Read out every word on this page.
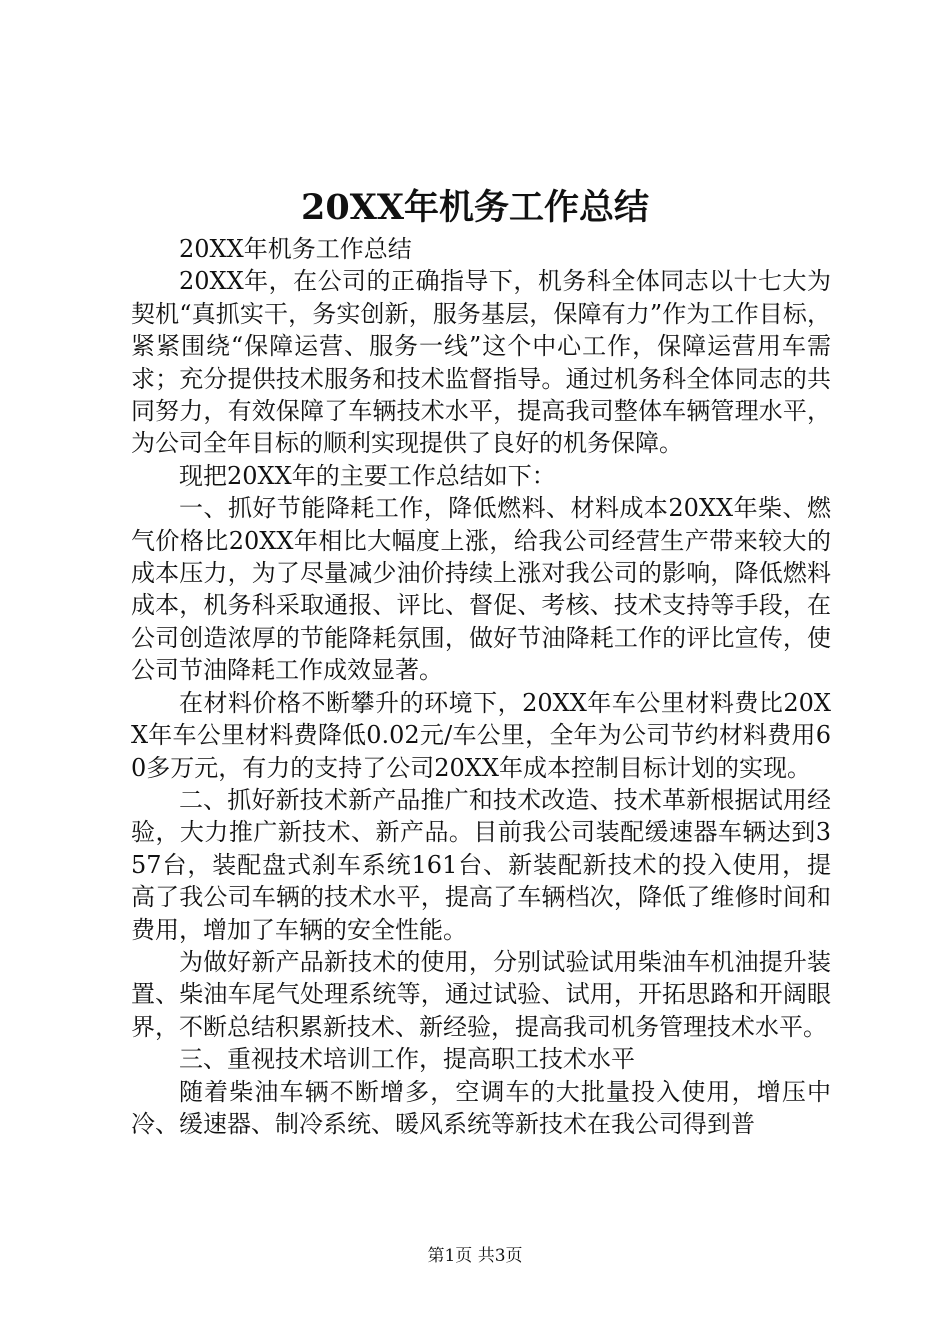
20XX年机务工作总结

20XX年机务工作总结

20XX年，在公司的正确指导下，机务科全体同志以十七大为契机“真抓实干，务实创新，服务基层，保障有力”作为工作目标，紧紧围绕“保障运营、服务一线”这个中心工作，保障运营用车需求；充分提供技术服务和技术监督指导。通过机务科全体同志的共同努力，有效保障了车辆技术水平，提高我司整体车辆管理水平，为公司全年目标的顺利实现提供了良好的机务保障。

现把20XX年的主要工作总结如下：

一、抓好节能降耗工作，降低燃料、材料成本20XX年柴、燃气价格比20XX年相比大幅度上涨，给我公司经营生产带来较大的成本压力，为了尽量减少油价持续上涨对我公司的影响，降低燃料成本，机务科采取通报、评比、督促、考核、技术支持等手段，在公司创造浓厚的节能降耗氛围，做好节油降耗工作的评比宣传，使公司节油降耗工作成效显著。

在材料价格不断攀升的环境下，20XX年车公里材料费比20XX年车公里材料费降低0.02元/车公里，全年为公司节约材料费用60多万元，有力的支持了公司20XX年成本控制目标计划的实现。

二、抓好新技术新产品推广和技术改造、技术革新根据试用经验，大力推广新技术、新产品。目前我公司装配缓速器车辆达到357台，装配盘式刹车系统161台、新装配新技术的投入使用，提高了我公司车辆的技术水平，提高了车辆档次，降低了维修时间和费用，增加了车辆的安全性能。

为做好新产品新技术的使用，分别试验试用柴油车机油提升装置、柴油车尾气处理系统等，通过试验、试用，开拓思路和开阔眼界，不断总结积累新技术、新经验，提高我司机务管理技术水平。

三、重视技术培训工作，提高职工技术水平

随着柴油车辆不断增多，空调车的大批量投入使用，增压中冷、缓速器、制冷系统、暖风系统等新技术在我公司得到普

第1页 共3页
